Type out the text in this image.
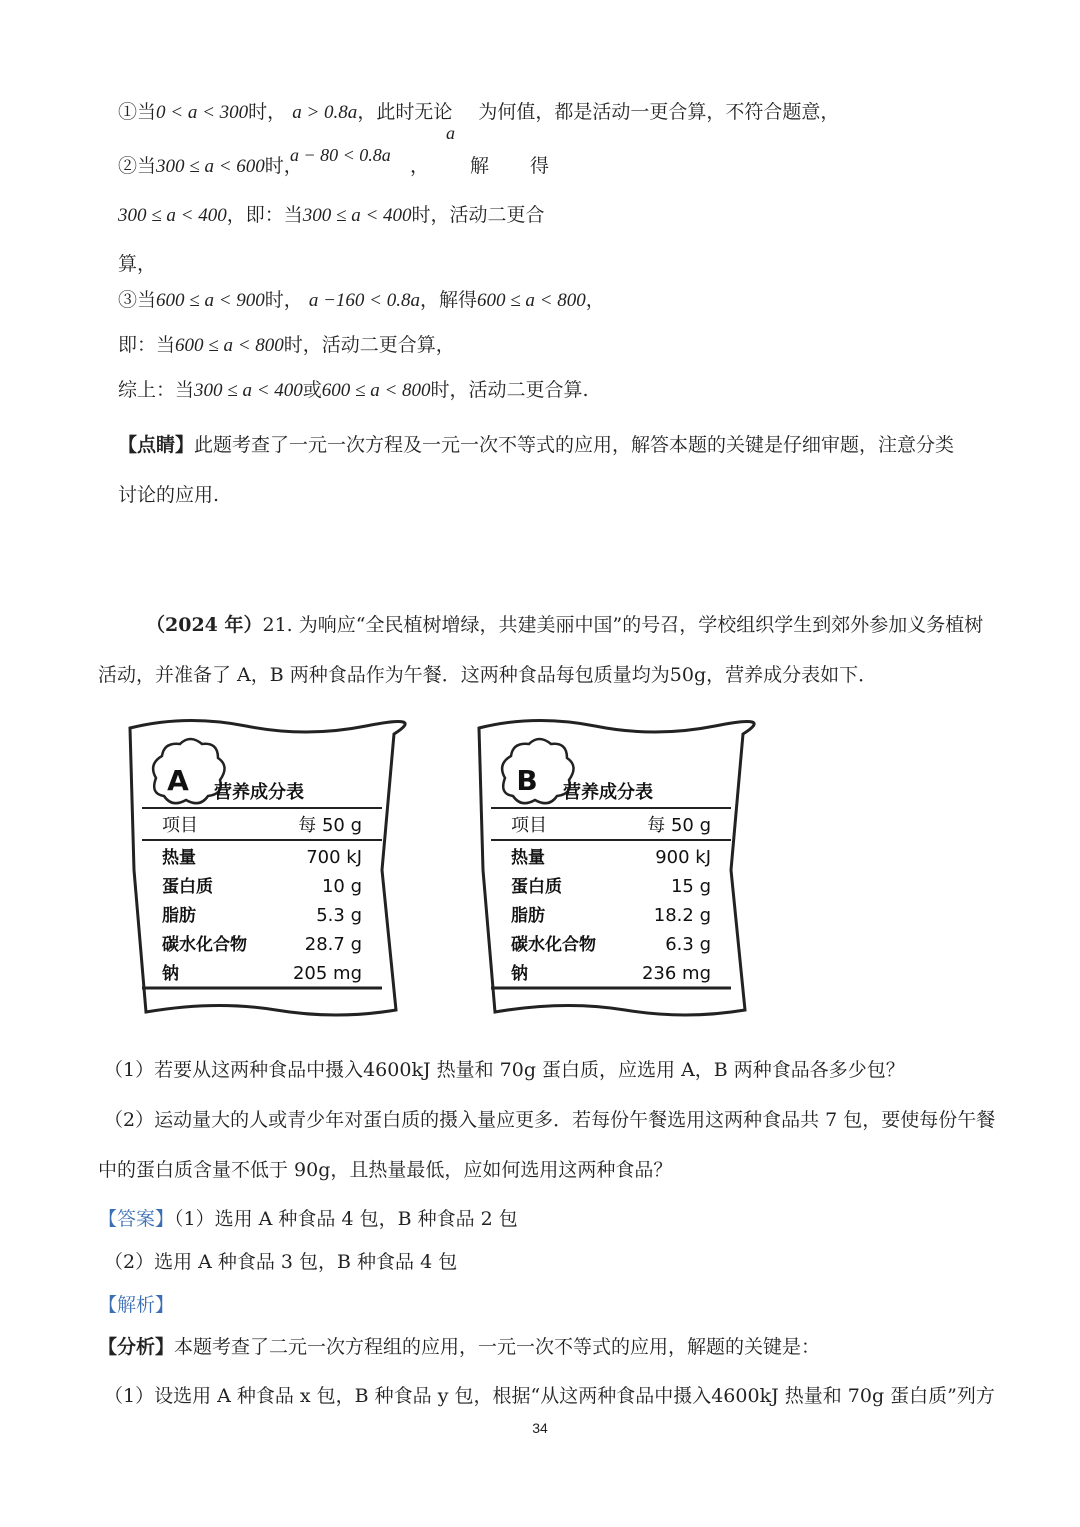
①当0 < a < 300时， a > 0.8a，此时无论 为何值，都是活动一更合算，不符合题意，
a
②当300 ≤ a < 600时，
a − 80 < 0.8a ， 解 得
300 ≤ a < 400，即：当300 ≤ a < 400时，活动二更合
算，
③当600 ≤ a < 900时， a −160 < 0.8a，解得600 ≤ a < 800，
即：当600 ≤ a < 800时，活动二更合算，
综上：当300 ≤ a < 400或600 ≤ a < 800时，活动二更合算.
【点睛】此题考查了一元一次方程及一元一次不等式的应用，解答本题的关键是仔细审题，注意分类
讨论的应用.
（2024 年）21. 为响应“全民植树增绿，共建美丽中国”的号召，学校组织学生到郊外参加义务植树
活动，并准备了 A，B 两种食品作为午餐．这两种食品每包质量均为50g，营养成分表如下．
A 营养成分表
项目	每 50 g
热量	700 kJ
蛋白质	10 g
脂肪	5.3 g
碳水化合物	28.7 g
钠	205 mg
B 营养成分表
项目	每 50 g
热量	900 kJ
蛋白质	15 g
脂肪	18.2 g
碳水化合物	6.3 g
钠	236 mg
（1）若要从这两种食品中摄入4600kJ 热量和 70g 蛋白质，应选用 A，B 两种食品各多少包？
（2）运动量大的人或青少年对蛋白质的摄入量应更多．若每份午餐选用这两种食品共 7 包，要使每份午餐
中的蛋白质含量不低于 90g，且热量最低，应如何选用这两种食品？
【答案】（1）选用 A 种食品 4 包，B 种食品 2 包
（2）选用 A 种食品 3 包，B 种食品 4 包
【解析】
【分析】本题考查了二元一次方程组的应用，一元一次不等式的应用，解题的关键是：
（1）设选用 A 种食品 x 包，B 种食品 y 包，根据“从这两种食品中摄入4600kJ 热量和 70g 蛋白质”列方
34
